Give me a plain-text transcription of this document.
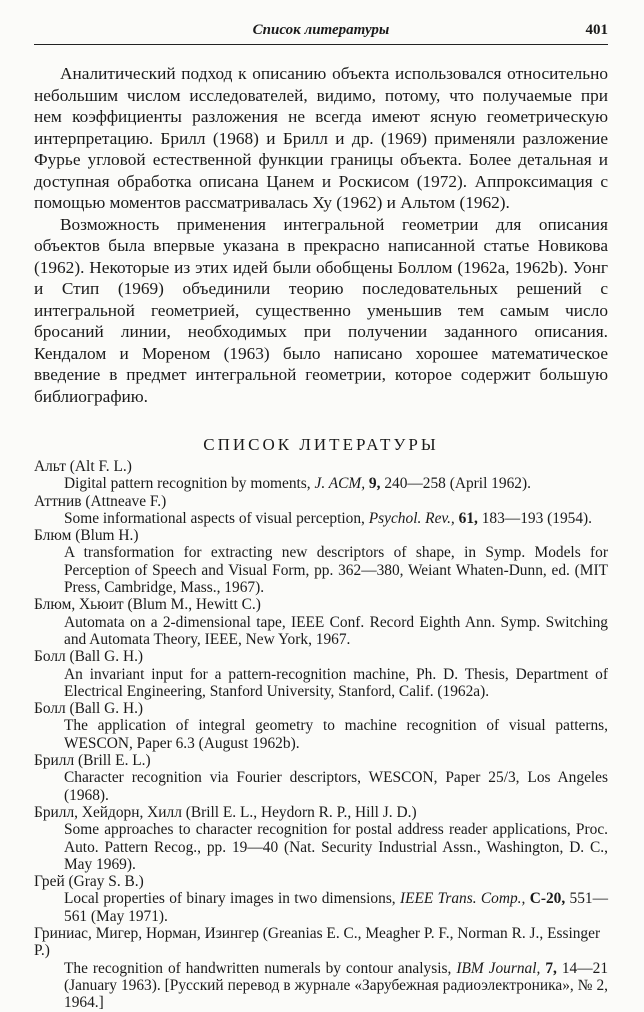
Список литературы	401

Аналитический подход к описанию объекта использовался относительно небольшим числом исследователей, видимо, потому, что получаемые при нем коэффициенты разложения не всегда имеют ясную геометрическую интерпретацию. Брилл (1968) и Брилл и др. (1969) применяли разложение Фурье угловой естественной функции границы объекта. Более детальная и доступная обработка описана Цанем и Роскисом (1972). Аппроксимация с помощью моментов рассматривалась Ху (1962) и Альтом (1962).

Возможность применения интегральной геометрии для описания объектов была впервые указана в прекрасно написанной статье Новикова (1962). Некоторые из этих идей были обобщены Боллом (1962a, 1962b). Уонг и Стип (1969) объединили теорию последовательных решений с интегральной геометрией, существенно уменьшив тем самым число бросаний линии, необходимых при получении заданного описания. Кендалом и Мореном (1963) было написано хорошее математическое введение в предмет интегральной геометрии, которое содержит большую библиографию.

СПИСОК ЛИТЕРАТУРЫ
Альт (Alt F. L.)
Digital pattern recognition by moments, J. ACM, 9, 240—258 (April 1962).
Аттнив (Attneave F.)
Some informational aspects of visual perception, Psychol. Rev., 61, 183—193 (1954).
Блюм (Blum H.)
A transformation for extracting new descriptors of shape, in Symp. Models for Perception of Speech and Visual Form, pp. 362—380, Weiant Whaten-Dunn, ed. (MIT Press, Cambridge, Mass., 1967).
Блюм, Хьюит (Blum M., Hewitt C.)
Automata on a 2-dimensional tape, IEEE Conf. Record Eighth Ann. Symp. Switching and Automata Theory, IEEE, New York, 1967.
Болл (Ball G. H.)
An invariant input for a pattern-recognition machine, Ph. D. Thesis, Department of Electrical Engineering, Stanford University, Stanford, Calif. (1962a).
Болл (Ball G. H.)
The application of integral geometry to machine recognition of visual patterns, WESCON, Paper 6.3 (August 1962b).
Брилл (Brill E. L.)
Character recognition via Fourier descriptors, WESCON, Paper 25/3, Los Angeles (1968).
Брилл, Хейдорн, Хилл (Brill E. L., Heydorn R. P., Hill J. D.)
Some approaches to character recognition for postal address reader applications, Proc. Auto. Pattern Recog., pp. 19—40 (Nat. Security Industrial Assn., Washington, D. C., May 1969).
Грей (Gray S. B.)
Local properties of binary images in two dimensions, IEEE Trans. Comp., C-20, 551—561 (May 1971).
Гриниас, Мигер, Норман, Изингер (Greanias E. C., Meagher P. F., Norman R. J., Essinger P.)
The recognition of handwritten numerals by contour analysis, IBM Journal, 7, 14—21 (January 1963). [Русский перевод в журнале «Зарубежная радиоэлектроника», № 2, 1964.]
